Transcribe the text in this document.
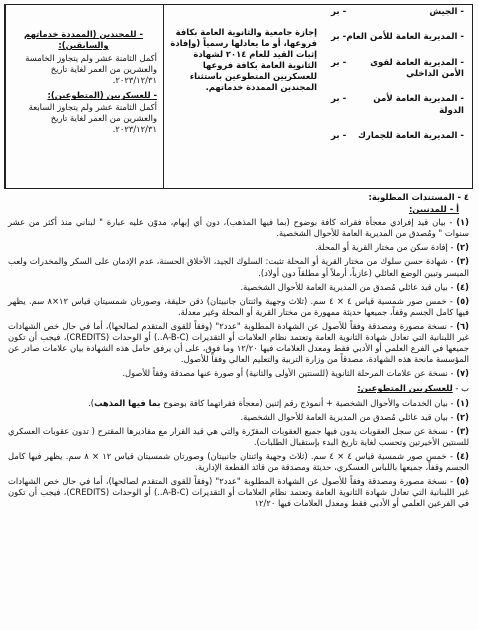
- الجيش
- بر
- المديرية العامة للأمن العام
- بر
- المديرية العامة لقوى الأمن الداخلي
- بر
- المديرية العامة لأمن الدولة
- بر
- المديرية العامة للجمارك
- بر

إجازة جامعية والثانوية العامة بكافة فروعها، أو ما يعادلها رسمياً (وإفادة إثبات القيد للعام ٢٠١٤ لشهادة الثانوية العامة بكافة فروعها للعسكريين المتطوعين باستثناء المجندين الممددة خدماتهم.

- للمجندين (الممددة خدماتهم والسابقين):

أكمل الثامنة عشر ولم يتجاوز الخامسة والعشرين من العمر لغاية تاريخ ٢٠٢٣/١٢/٣١.

- للعسكريين (المتطوعين):

أكمل الثامنة عشر ولم يتجاوز السابعة والعشرين من العمر لغاية تاريخ ٢٠٢٣/١٢/٣١.

٤ - المستندات المطلوبة:
أ - للمدنيين:

(١) - بيان قيد إفرادي معجأة فقراته كافة بوضوح (بما فيها المذهب)، دون أي إبهام، مدوّن عليه عبارة " لبناني منذ أكثر من عشر سنوات " ومُصدق من المديرية العامة للأحوال الشخصية.

(٢) - إفادة سكن من مختار القرية أو المحلة.

(٣) - شهادة حسن سلوك من مختار القرية أو المحلة تثبت: السلوك الجيد، الأخلاق الحسنة، عدم الإدمان على السكر والمخدرات ولعب الميسر وتبين الوضع العائلي (عازباً، أرملاً أو مطلقاً دون أولاد).

(٤) - بيان قيد عائلي مُصدق من المديرية العامة للأحوال الشخصية.

(٥) - خمس صور شمسية قياس ٤ × ٤ سم. (ثلاث وجهية واثنتان جانبيتان) ذقن حليقة، وصورتان شمسيتان قياس ١٢×٨ سم. يظهر فيها كامل الجسم وقفاً، جميعها حديثة ممهورة من مختار القرية أو المحلة وغير معدلة.

(٦) - نسخة مصورة ومصدقة وفقاً للأصول عن الشهادة المطلوبة "عدد٢" (وفقاً للقوى المتقدم لصالحها)، أما في حال خص الشهادات غير اللبنانية التي تعادل شهادة الثانوية العامة وتعتمد نظام العلامات أو التقديرات (A-B-C..) أو الوحدات (CREDITS)، فيجب أن تكون جميعها في الفرع العلمي أو الأدبي فقط ومعدل العلامات فيها ١٢/٢٠ وما فوق، على أن يرفق حامل هذه الشهادة بيان علامات صادر عن المؤسسة مانحة هذه الشهادة، مصدقاً من وزارة التربية والتعليم العالي وفقاً للأصول.

(٧) - نسخة عن علامات المرحلة الثانوية (للسنتين الأولى والثانية) أو صورة عنها مصدقة وفقاً للأصول.

ب - للعسكريين المتطوعين:

(١) - بيان الخدمات والأحوال الشخصية + أنموذج رقم إثنين (معجأة فقراتهما كافة بوضوح بما فيها المذهب).

(٢) - بيان قيد عائلي مُصدق من المديرية العامة للأحوال الشخصية.

(٣) - نسخة عن سجل العقوبات يدون فيها جميع العقوبات المقرّرة والتي هي قيد القرار مع مقاديرها المقترح ( تدون عقوبات العسكري للسنتين الأخيرتين وتحسب لغاية تاريخ البدء بإستقبال الطلبات).

(٤) - خمس صور شمسية قياس ٤ × ٤ سم. (ثلاث وجهية واثنتان جانبيتان) وصورتان شمسيتان قياس ١٢ × ٨ سم. يظهر فيها كامل الجسم وقفاً، جميعها باللباس العسكري، حديثة ومصدقة من قائد القطعة الإدارية.

(٥) - نسخة مصورة ومصدقة وفقاً للأصول عن الشهادة المطلوبة "عدد٢" (وفقاً للقوى المتقدم لصالحها)، أما في حال خص الشهادات غير اللبنانية التي تعادل شهادة الثانوية العامة وتعتمد نظام العلامات أو التقديرات (A-B-C..) أو الوحدات (CREDITS)، فيجب أن تكون في الفرعين العلمي أو الأدبي فقط ومعدل العلامات فيها ١٢/٢٠
